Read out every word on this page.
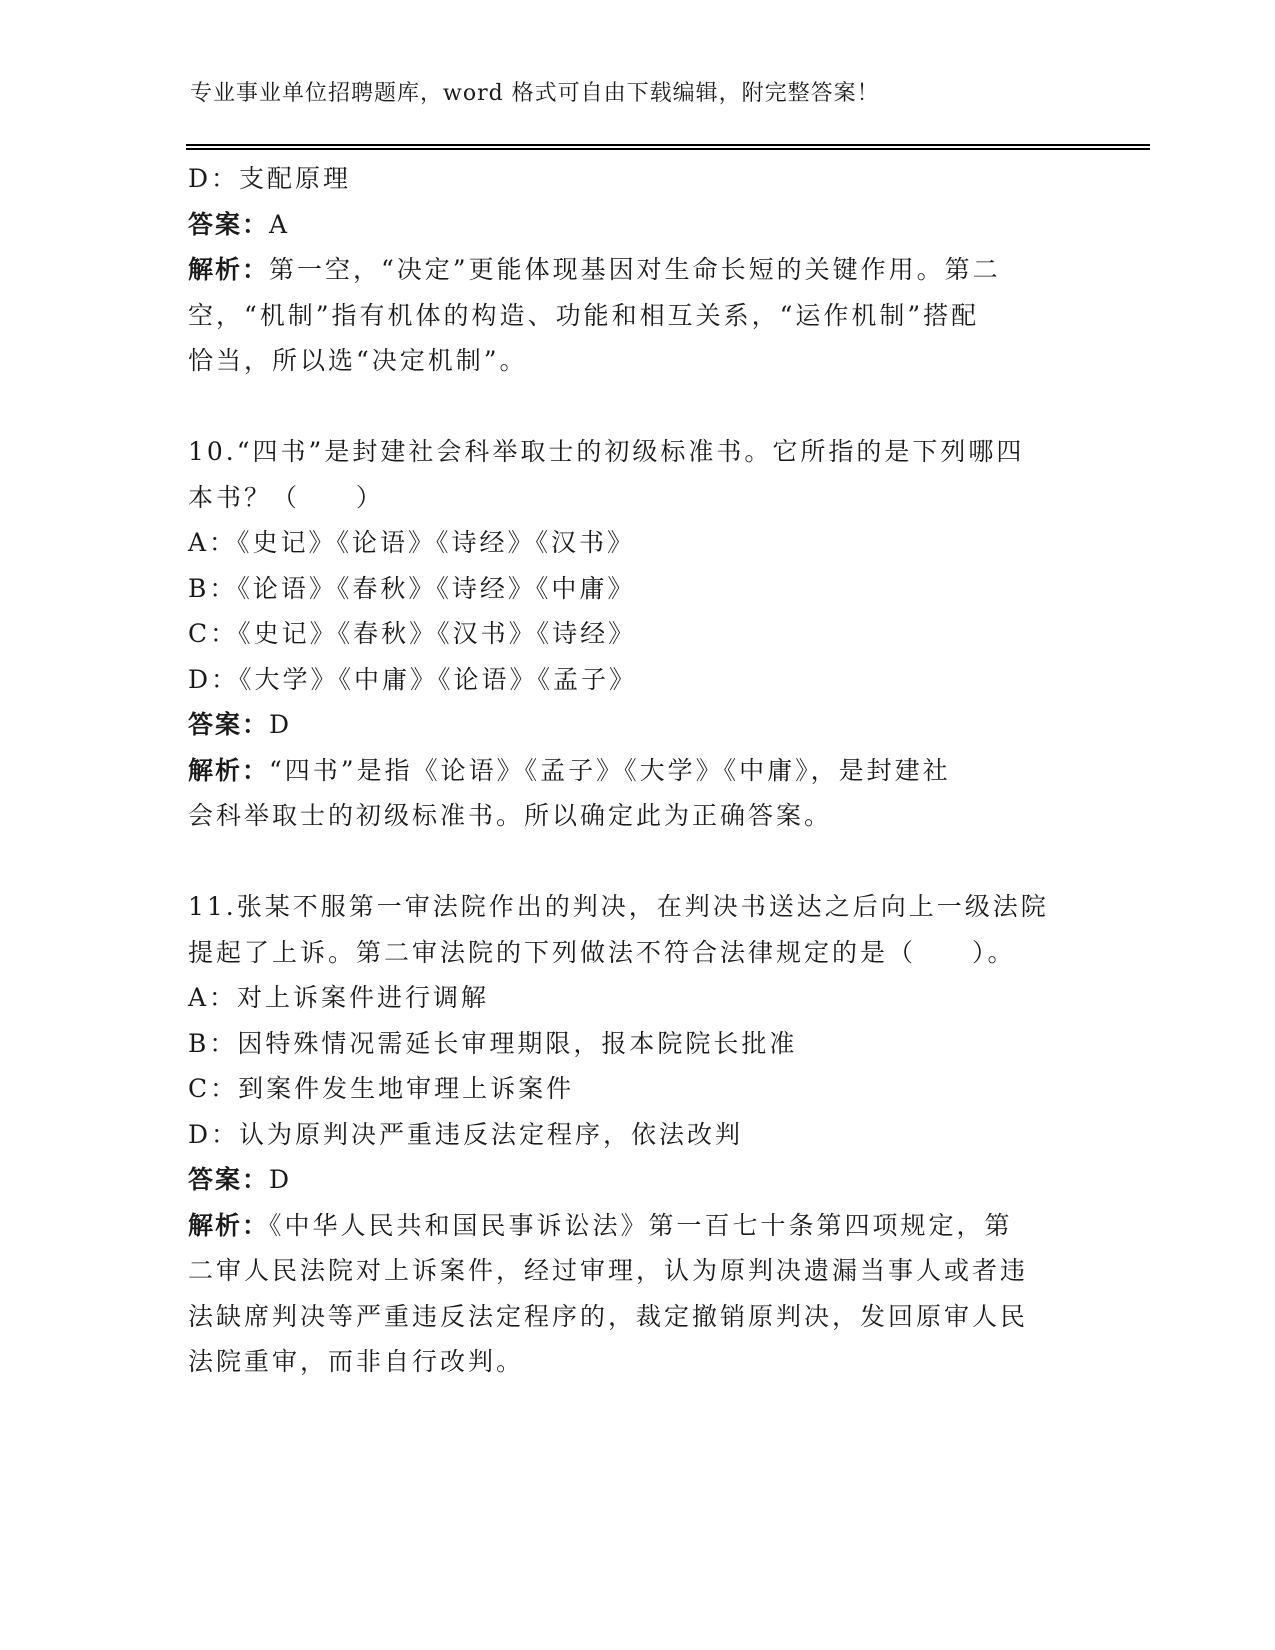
专业事业单位招聘题库，word 格式可自由下载编辑，附完整答案！
D：支配原理
答案：A
解析：第一空，“决定”更能体现基因对生命长短的关键作用。第二
空，“机制”指有机体的构造、功能和相互关系，“运作机制”搭配
恰当，所以选“决定机制”。
10.“四书”是封建社会科举取士的初级标准书。它所指的是下列哪四
本书？（　　）
A：《史记》《论语》《诗经》《汉书》
B：《论语》《春秋》《诗经》《中庸》
C：《史记》《春秋》《汉书》《诗经》
D：《大学》《中庸》《论语》《孟子》
答案：D
解析：“四书”是指《论语》《孟子》《大学》《中庸》，是封建社
会科举取士的初级标准书。所以确定此为正确答案。
11.张某不服第一审法院作出的判决，在判决书送达之后向上一级法院
提起了上诉。第二审法院的下列做法不符合法律规定的是（　　）。
A：对上诉案件进行调解
B：因特殊情况需延长审理期限，报本院院长批准
C：到案件发生地审理上诉案件
D：认为原判决严重违反法定程序，依法改判
答案：D
解析：《中华人民共和国民事诉讼法》第一百七十条第四项规定，第
二审人民法院对上诉案件，经过审理，认为原判决遗漏当事人或者违
法缺席判决等严重违反法定程序的，裁定撤销原判决，发回原审人民
法院重审，而非自行改判。
